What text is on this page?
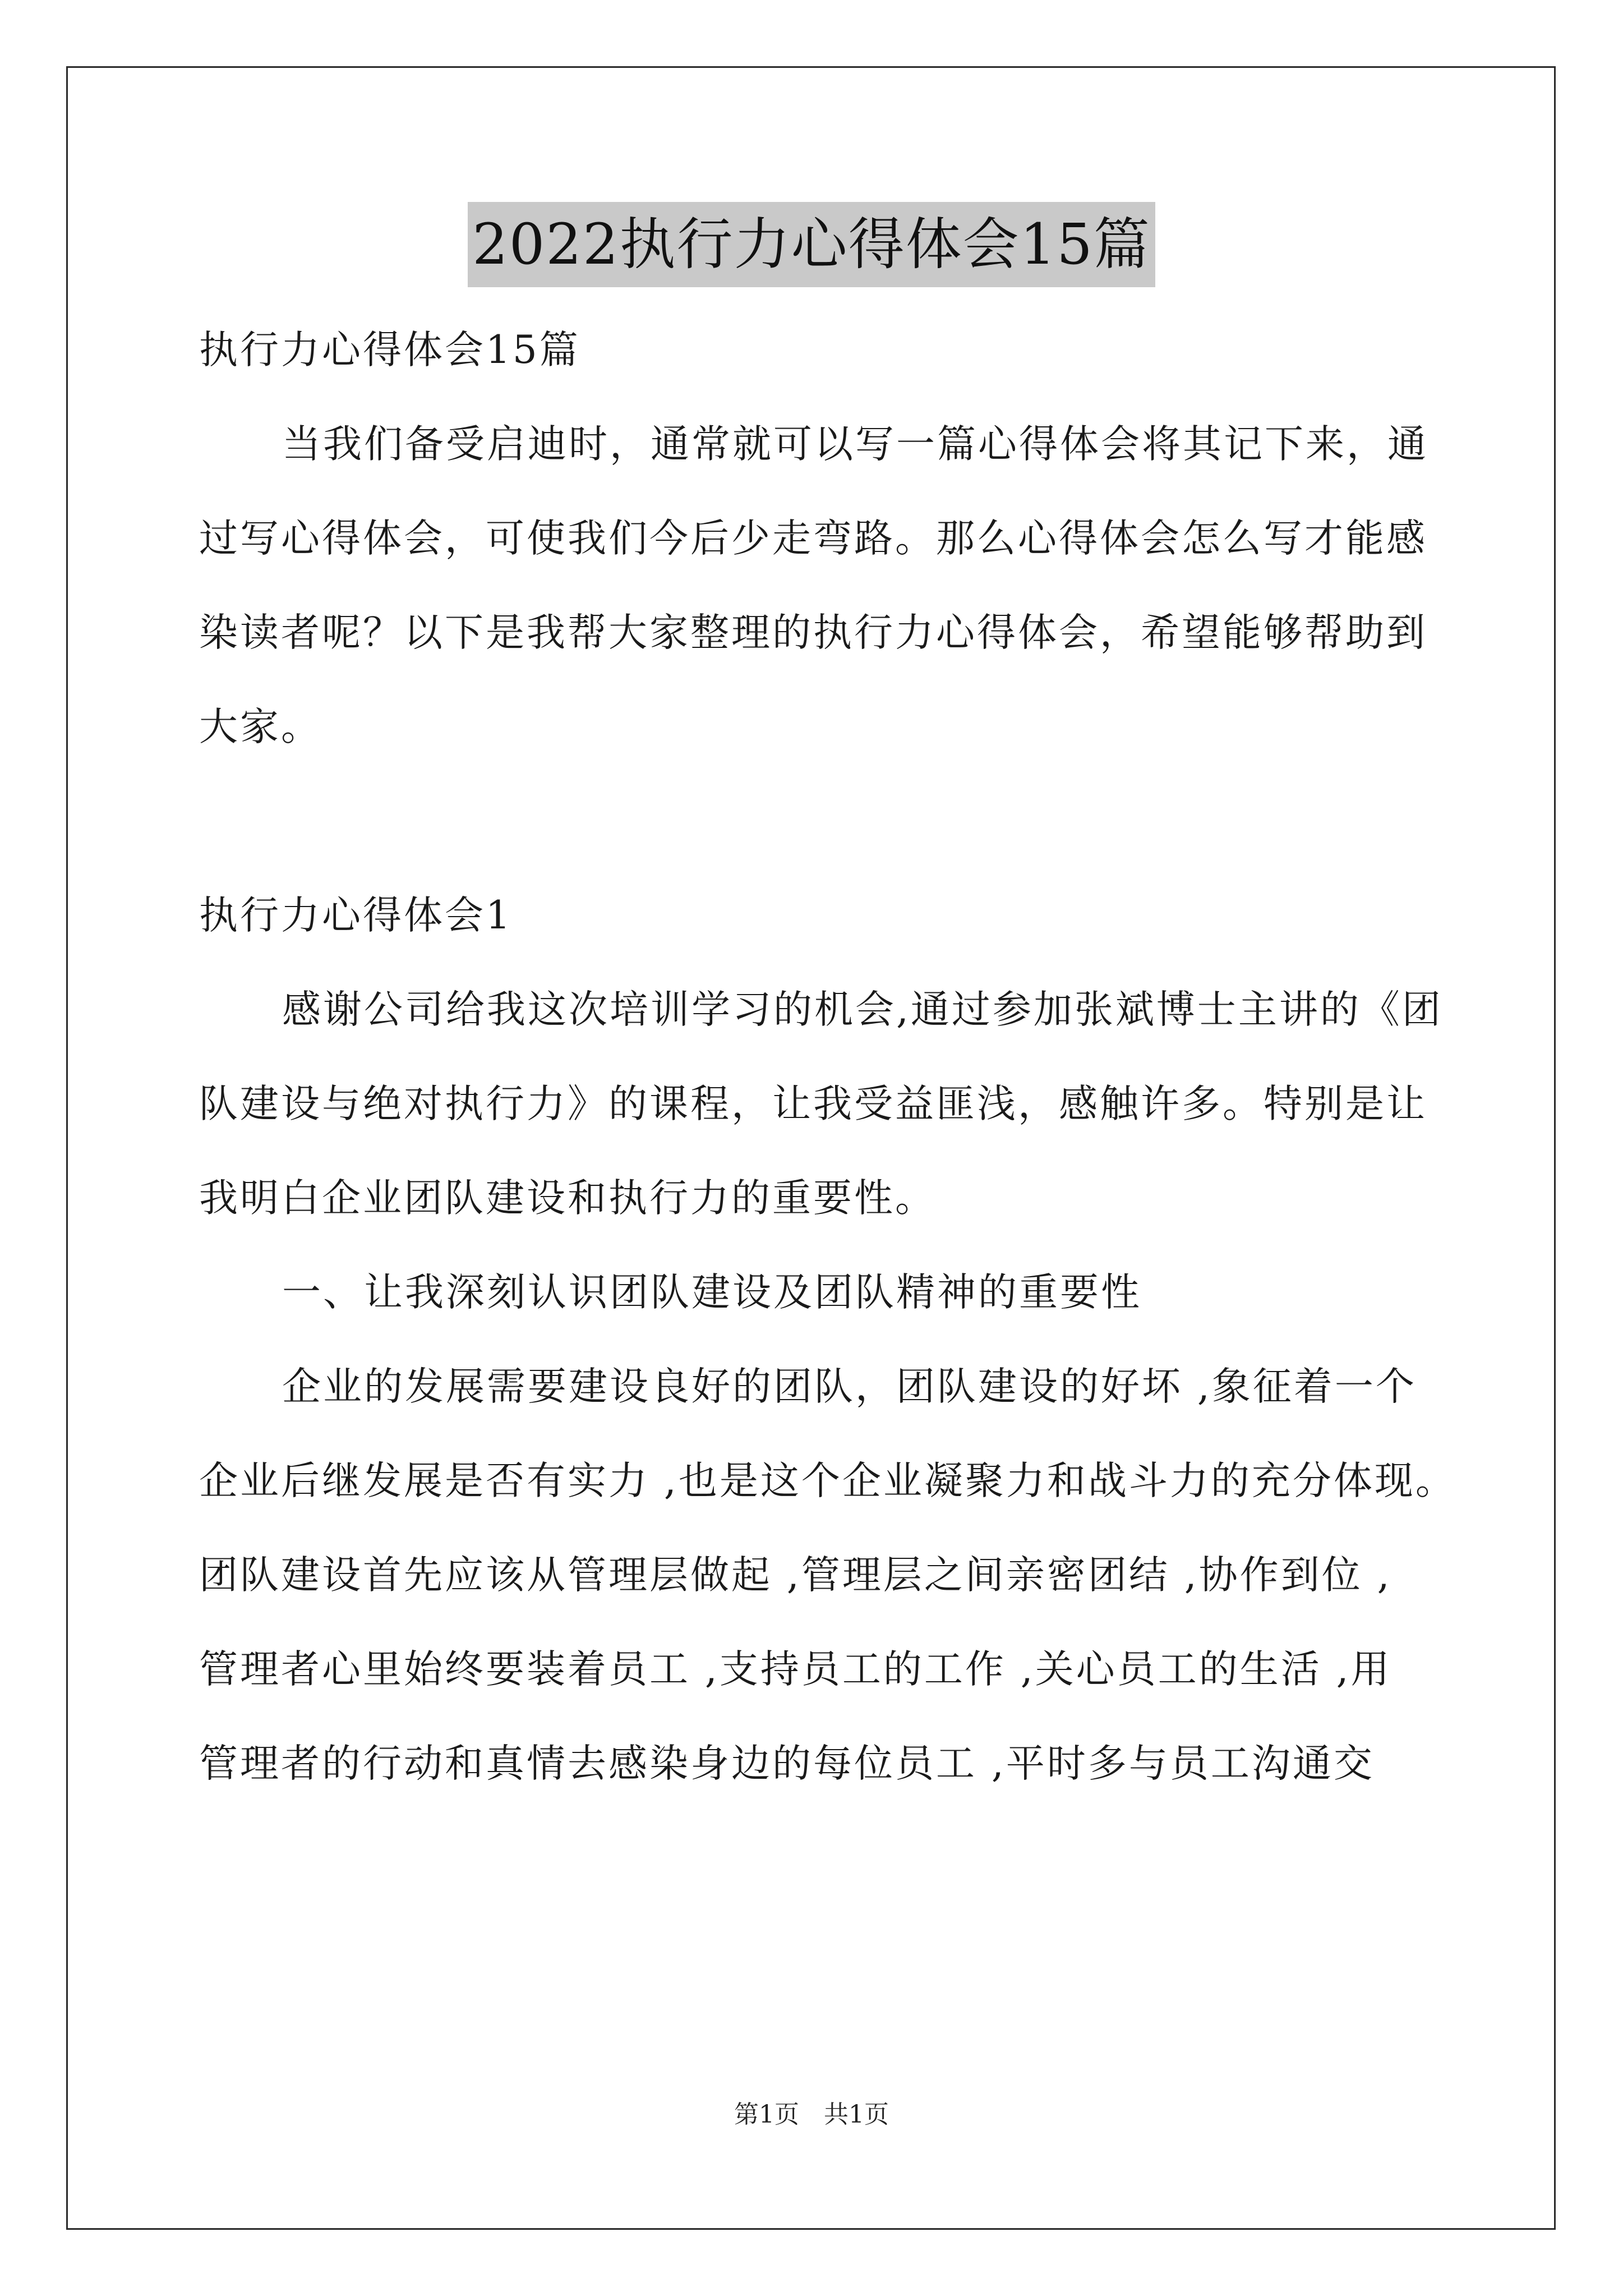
2022执行力心得体会15篇
执行力心得体会15篇
当我们备受启迪时，通常就可以写一篇心得体会将其记下来，通
过写心得体会，可使我们今后少走弯路。那么心得体会怎么写才能感
染读者呢？以下是我帮大家整理的执行力心得体会，希望能够帮助到
大家。
执行力心得体会1
感谢公司给我这次培训学习的机会,通过参加张斌博士主讲的《团
队建设与绝对执行力》的课程，让我受益匪浅，感触许多。特别是让
我明白企业团队建设和执行力的重要性。
一、让我深刻认识团队建设及团队精神的重要性
企业的发展需要建设良好的团队，团队建设的好坏 ,象征着一个
企业后继发展是否有实力 ,也是这个企业凝聚力和战斗力的充分体现。
团队建设首先应该从管理层做起 ,管理层之间亲密团结 ,协作到位 ,
管理者心里始终要装着员工 ,支持员工的工作 ,关心员工的生活 ,用
管理者的行动和真情去感染身边的每位员工 ,平时多与员工沟通交
第1页　共1页
